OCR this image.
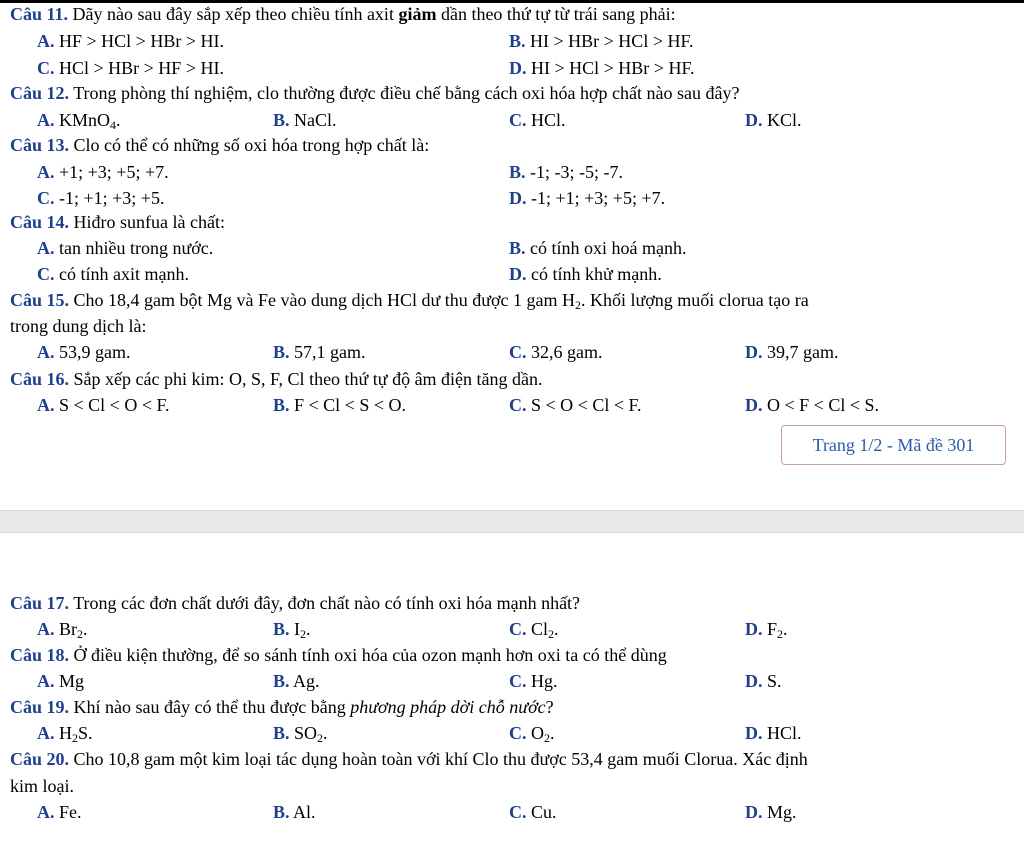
Câu 11. Dãy nào sau đây sắp xếp theo chiều tính axit giảm dần theo thứ tự từ trái sang phải:
A. HF > HCl > HBr > HI.	B. HI > HBr > HCl > HF.
C. HCl > HBr > HF > HI.	D. HI > HCl > HBr > HF.
Câu 12. Trong phòng thí nghiệm, clo thường được điều chế bằng cách oxi hóa hợp chất nào sau đây?
A. KMnO$_4$.	B. NaCl.	C. HCl.	D. KCl.
Câu 13. Clo có thể có những số oxi hóa trong hợp chất là:
A. +1; +3; +5; +7.	B. -1; -3; -5; -7.
C. -1; +1; +3; +5.	D. -1; +1; +3; +5; +7.
Câu 14. Hiđro sunfua là chất:
A. tan nhiều trong nước.	B. có tính oxi hoá mạnh.
C. có tính axit mạnh.	D. có tính khử mạnh.
Câu 15. Cho 18,4 gam bột Mg và Fe vào dung dịch HCl dư thu được 1 gam $H_2$. Khối lượng muối clorua tạo ra
trong dung dịch là:
A. 53,9 gam.	B. 57,1 gam.	C. 32,6 gam.	D. 39,7 gam.
Câu 16. Sắp xếp các phi kim: O, S, F, Cl theo thứ tự độ âm điện tăng dần.
A. S < Cl < O < F.	B. F < Cl < S < O.	C. S < O < Cl < F.	D. O < F < Cl < S.
Trang 1/2 - Mã đề 301
Câu 17. Trong các đơn chất dưới đây, đơn chất nào có tính oxi hóa mạnh nhất?
A. $Br_2$.	B. $I_2$.	C. $Cl_2$.	D. $F_2$.
Câu 18. Ở điều kiện thường, để so sánh tính oxi hóa của ozon mạnh hơn oxi ta có thể dùng
A. Mg	B. Ag.	C. Hg.	D. S.
Câu 19. Khí nào sau đây có thể thu được bằng phương pháp dời chỗ nước?
A. $H_2S$.	B. $SO_2$.	C. $O_2$.	D. HCl.
Câu 20. Cho 10,8 gam một kim loại tác dụng hoàn toàn với khí Clo thu được 53,4 gam muối Clorua. Xác định
kim loại.
A. Fe.	B. Al.	C. Cu.	D. Mg.
